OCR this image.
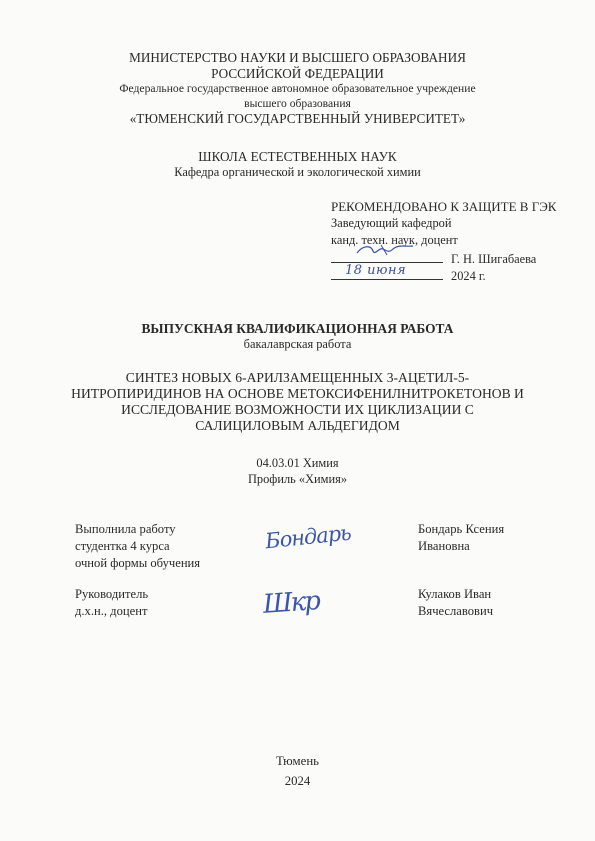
МИНИСТЕРСТВО НАУКИ И ВЫСШЕГО ОБРАЗОВАНИЯ
РОССИЙСКОЙ ФЕДЕРАЦИИ
Федеральное государственное автономное образовательное учреждение
высшего образования
«ТЮМЕНСКИЙ ГОСУДАРСТВЕННЫЙ УНИВЕРСИТЕТ»
ШКОЛА ЕСТЕСТВЕННЫХ НАУК
Кафедра органической и экологической химии
РЕКОМЕНДОВАНО К ЗАЩИТЕ В ГЭК
Заведующий кафедрой
канд. техн. наук, доцент
Г. Н. Шигабаева
18 июня	2024 г.
ВЫПУСКНАЯ КВАЛИФИКАЦИОННАЯ РАБОТА
бакалаврская работа
СИНТЕЗ НОВЫХ 6-АРИЛЗАМЕЩЕННЫХ 3-АЦЕТИЛ-5-
НИТРОПИРИДИНОВ НА ОСНОВЕ МЕТОКСИФЕНИЛНИТРОКЕТОНОВ И
ИССЛЕДОВАНИЕ ВОЗМОЖНОСТИ ИХ ЦИКЛИЗАЦИИ С
САЛИЦИЛОВЫМ АЛЬДЕГИДОМ
04.03.01 Химия
Профиль «Химия»
Выполнила работу
студентка 4 курса
очной формы обучения
Бондарь	Бондарь Ксения
Ивановна
Руководитель
д.х.н., доцент	Шкр	Кулаков Иван
Вячеславович
Тюмень
2024
